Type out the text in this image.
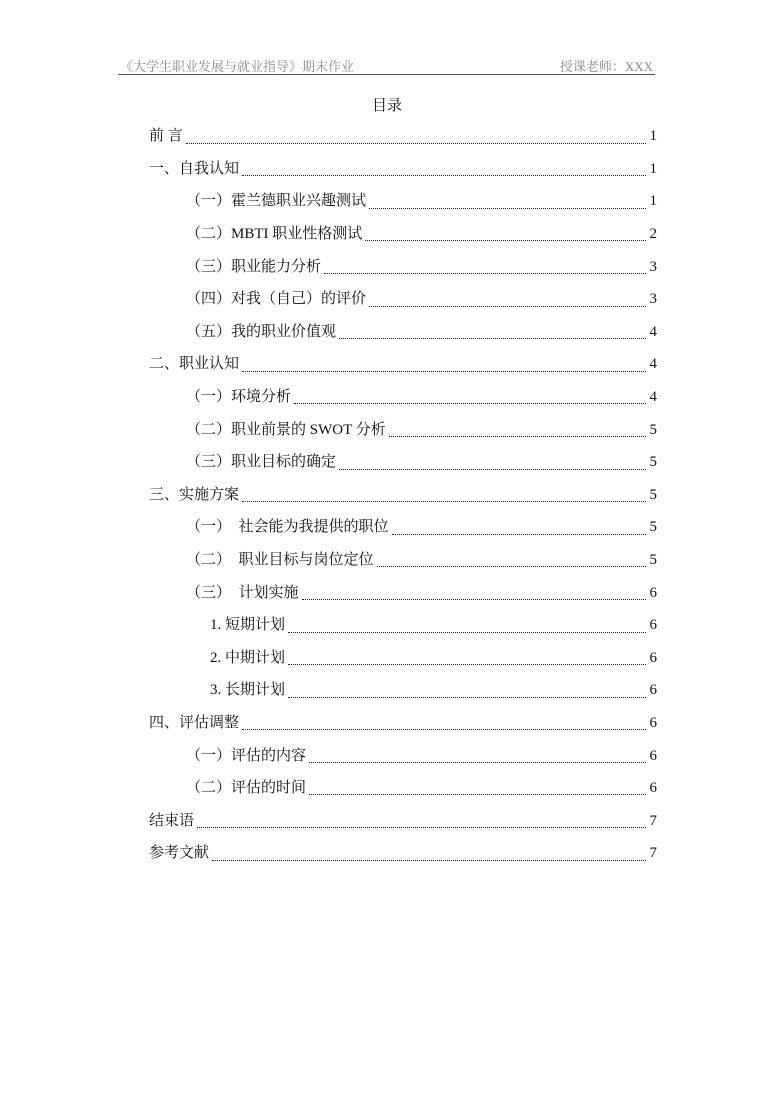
《大学生职业发展与就业指导》期末作业	授课老师：XXX
目录
前 言	1
一、自我认知	1
（一）霍兰德职业兴趣测试	1
（二）MBTI 职业性格测试	2
（三）职业能力分析	3
（四）对我（自己）的评价	3
（五）我的职业价值观	4
二、职业认知	4
（一）环境分析	4
（二）职业前景的 SWOT 分析	5
（三）职业目标的确定	5
三、实施方案	5
（一）  社会能为我提供的职位	5
（二）  职业目标与岗位定位	5
（三）  计划实施	6
1. 短期计划	6
2. 中期计划	6
3. 长期计划	6
四、评估调整	6
（一）评估的内容	6
（二）评估的时间	6
结束语	7
参考文献	7
